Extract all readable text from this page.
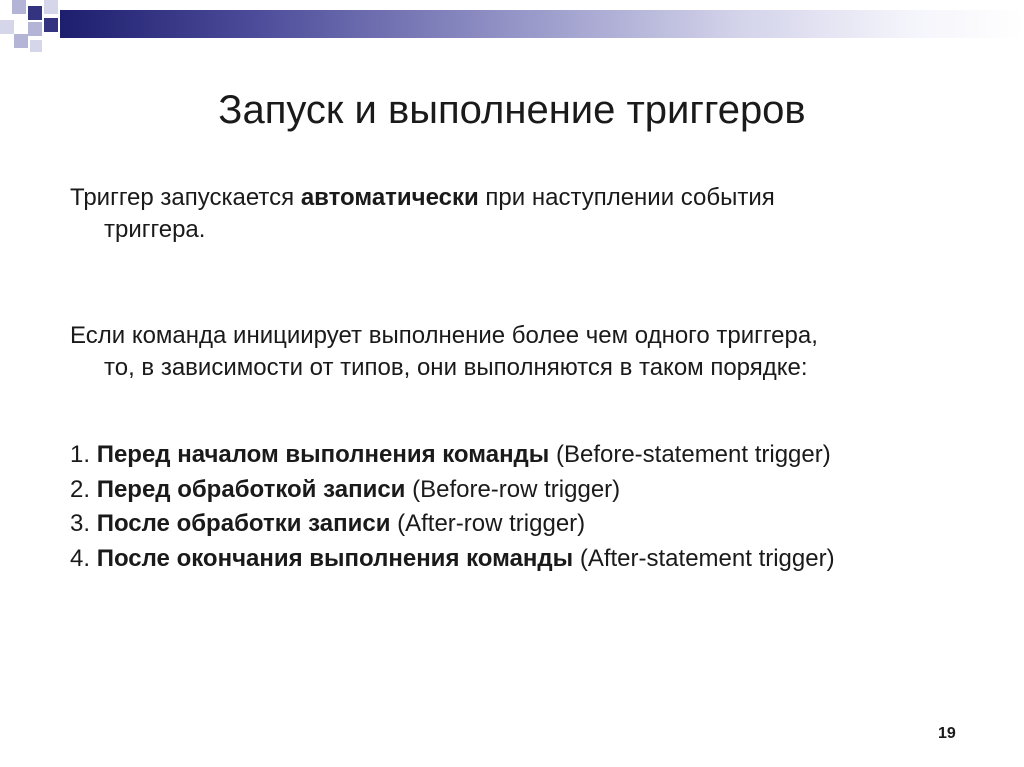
Запуск и выполнение триггеров

Триггер запускается автоматически при наступлении события
триггера.

Если команда инициирует выполнение более чем одного триггера,
то, в зависимости от типов, они выполняются в таком порядке:

1. Перед началом выполнения команды (Before-statement trigger)
2. Перед обработкой записи (Before-row trigger)
3. После обработки записи (After-row trigger)
4. После окончания выполнения команды (After-statement trigger)
19
